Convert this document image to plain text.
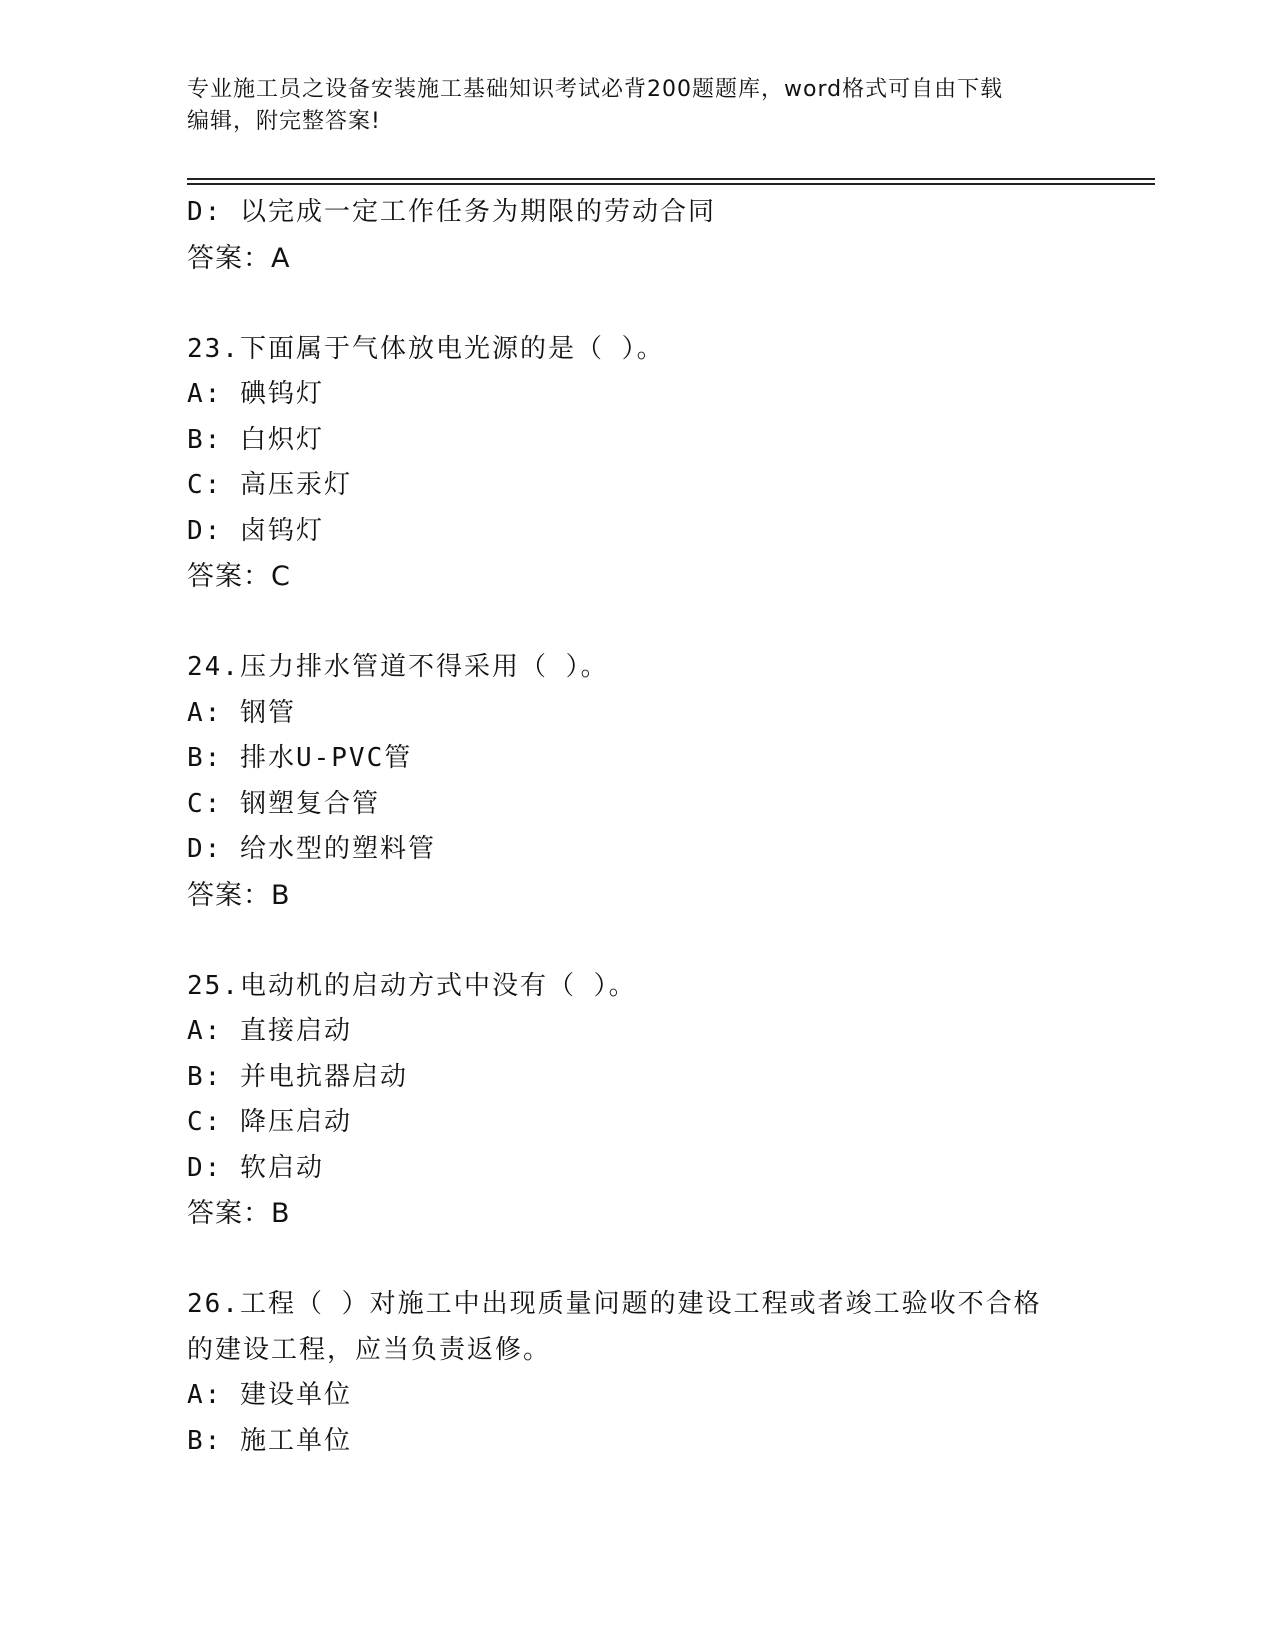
专业施工员之设备安装施工基础知识考试必背200题题库，word格式可自由下载
编辑，附完整答案!
D: 以完成一定工作任务为期限的劳动合同
答案：A
23.下面属于气体放电光源的是（ ）。
A: 碘钨灯
B: 白炽灯
C: 高压汞灯
D: 卤钨灯
答案：C
24.压力排水管道不得采用（ ）。
A: 钢管
B: 排水U-PVC管
C: 钢塑复合管
D: 给水型的塑料管
答案：B
25.电动机的启动方式中没有（ ）。
A: 直接启动
B: 并电抗器启动
C: 降压启动
D: 软启动
答案：B
26.工程（ ）对施工中出现质量问题的建设工程或者竣工验收不合格
的建设工程，应当负责返修。
A: 建设单位
B: 施工单位
